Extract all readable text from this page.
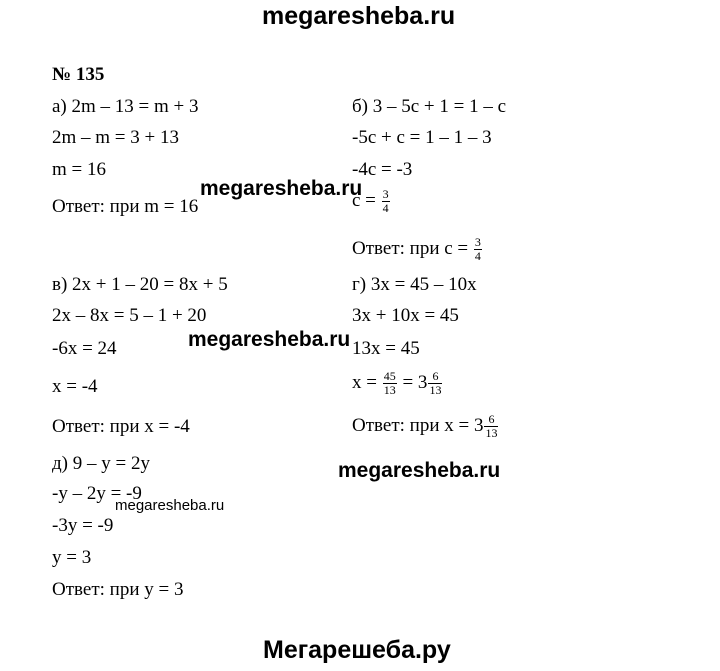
megaresheba.ru
№ 135
а) 2m – 13 = m + 3
2m – m = 3 + 13
m = 16
Ответ: при m = 16
б) 3 – 5c + 1 = 1 – c
-5c + c = 1 – 1 – 3
-4c = -3
$c = \frac{3}{4}$
Ответ: при $c = \frac{3}{4}$
megaresheba.ru
в) 2x + 1 – 20 = 8x + 5
2x – 8x = 5 – 1 + 20
-6x = 24
x = -4
Ответ: при x = -4
г) 3x = 45 – 10x
3x + 10x = 45
13x = 45
$x = \frac{45}{13} = 3 \frac{6}{13}$
Ответ: при $x = 3 \frac{6}{13}$
megaresheba.ru
megaresheba.ru
д) 9 – y = 2y
-y – 2y = -9
-3y = -9
y = 3
Ответ: при y = 3
megaresheba.ru
Мегарешеба.ру
